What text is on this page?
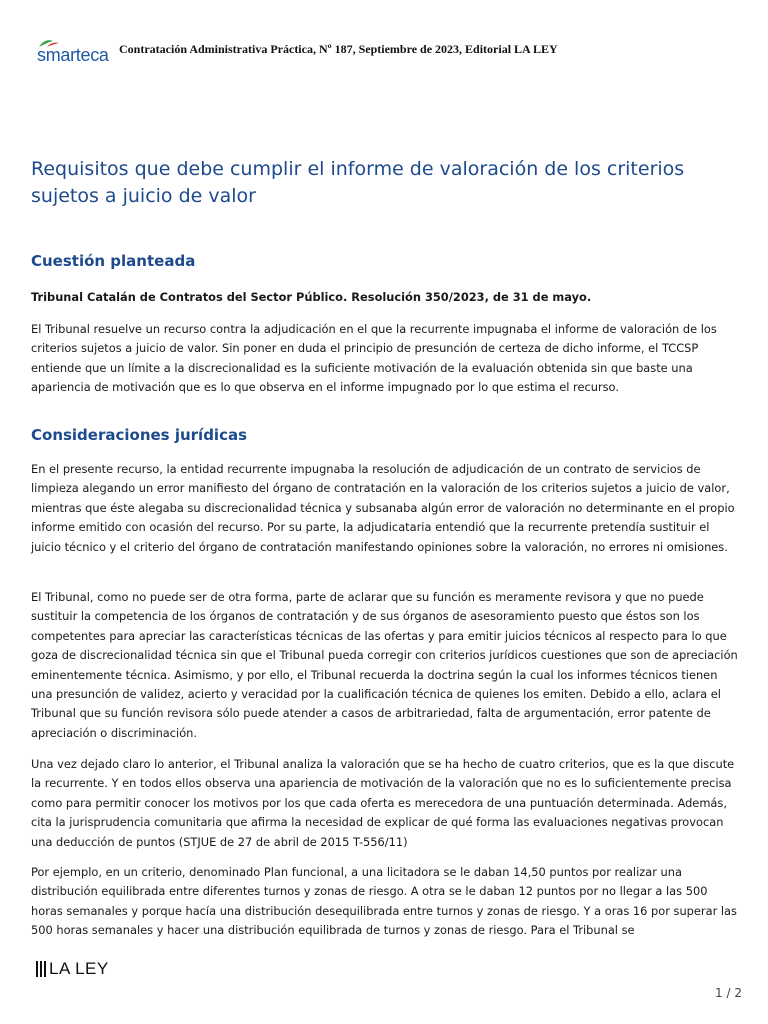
smarteca Contratación Administrativa Práctica, Nº 187, Septiembre de 2023, Editorial LA LEY
Requisitos que debe cumplir el informe de valoración de los criterios sujetos a juicio de valor
Cuestión planteada

Tribunal Catalán de Contratos del Sector Público. Resolución 350/2023, de 31 de mayo.

El Tribunal resuelve un recurso contra la adjudicación en el que la recurrente impugnaba el informe de valoración de los criterios sujetos a juicio de valor. Sin poner en duda el principio de presunción de certeza de dicho informe, el TCCSP entiende que un límite a la discrecionalidad es la suficiente motivación de la evaluación obtenida sin que baste una apariencia de motivación que es lo que observa en el informe impugnado por lo que estima el recurso.

Consideraciones jurídicas

En el presente recurso, la entidad recurrente impugnaba la resolución de adjudicación de un contrato de servicios de limpieza alegando un error manifiesto del órgano de contratación en la valoración de los criterios sujetos a juicio de valor, mientras que éste alegaba su discrecionalidad técnica y subsanaba algún error de valoración no determinante en el propio informe emitido con ocasión del recurso. Por su parte, la adjudicataria entendió que la recurrente pretendía sustituir el juicio técnico y el criterio del órgano de contratación manifestando opiniones sobre la valoración, no errores ni omisiones.

El Tribunal, como no puede ser de otra forma, parte de aclarar que su función es meramente revisora y que no puede sustituir la competencia de los órganos de contratación y de sus órganos de asesoramiento puesto que éstos son los competentes para apreciar las características técnicas de las ofertas y para emitir juicios técnicos al respecto para lo que goza de discrecionalidad técnica sin que el Tribunal pueda corregir con criterios jurídicos cuestiones que son de apreciación eminentemente técnica. Asimismo, y por ello, el Tribunal recuerda la doctrina según la cual los informes técnicos tienen una presunción de validez, acierto y veracidad por la cualificación técnica de quienes los emiten. Debido a ello, aclara el Tribunal que su función revisora sólo puede atender a casos de arbitrariedad, falta de argumentación, error patente de apreciación o discriminación.

Una vez dejado claro lo anterior, el Tribunal analiza la valoración que se ha hecho de cuatro criterios, que es la que discute la recurrente. Y en todos ellos observa una apariencia de motivación de la valoración que no es lo suficientemente precisa como para permitir conocer los motivos por los que cada oferta es merecedora de una puntuación determinada. Además, cita la jurisprudencia comunitaria que afirma la necesidad de explicar de qué forma las evaluaciones negativas provocan una deducción de puntos (STJUE de 27 de abril de 2015 T-556/11)

Por ejemplo, en un criterio, denominado Plan funcional, a una licitadora se le daban 14,50 puntos por realizar una distribución equilibrada entre diferentes turnos y zonas de riesgo. A otra se le daban 12 puntos por no llegar a las 500 horas semanales y porque hacía una distribución desequilibrada entre turnos y zonas de riesgo. Y a oras 16 por superar las 500 horas semanales y hacer una distribución equilibrada de turnos y zonas de riesgo. Para el Tribunal se

LA LEY
1 / 2
